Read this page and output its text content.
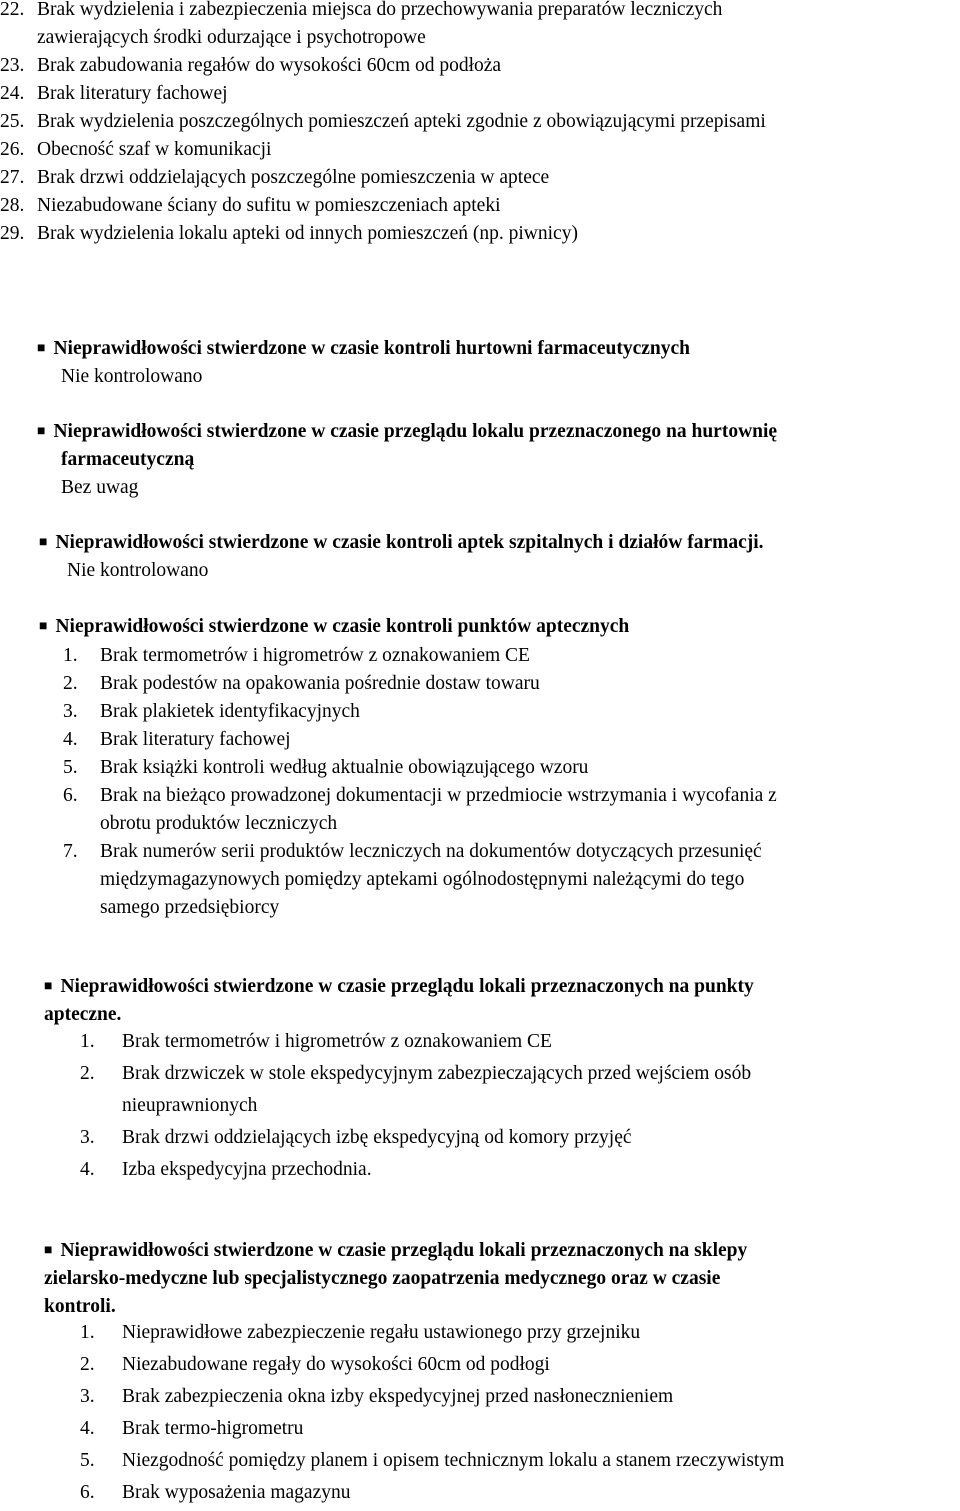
22. Brak wydzielenia i zabezpieczenia miejsca do przechowywania preparatów leczniczych
zawierających środki odurzające i psychotropowe
23. Brak zabudowania regałów do wysokości 60cm od podłoża
24. Brak literatury fachowej
25. Brak wydzielenia poszczególnych pomieszczeń apteki zgodnie z obowiązującymi przepisami
26. Obecność szaf w komunikacji
27. Brak drzwi oddzielających poszczególne pomieszczenia w aptece
28. Niezabudowane ściany do sufitu w pomieszczeniach apteki
29. Brak wydzielenia lokalu apteki od innych pomieszczeń (np. piwnicy)
■ Nieprawidłowości stwierdzone w czasie kontroli hurtowni farmaceutycznych
Nie kontrolowano
■ Nieprawidłowości stwierdzone w czasie przeglądu lokalu przeznaczonego na hurtownię
farmaceutyczną
Bez uwag
■ Nieprawidłowości stwierdzone w czasie kontroli aptek szpitalnych i działów farmacji.
Nie kontrolowano
■ Nieprawidłowości stwierdzone w czasie kontroli punktów aptecznych
1. Brak termometrów i higrometrów z oznakowaniem CE
2. Brak podestów na opakowania pośrednie dostaw towaru
3. Brak plakietek identyfikacyjnych
4. Brak literatury fachowej
5. Brak książki kontroli według aktualnie obowiązującego wzoru
6. Brak na bieżąco prowadzonej dokumentacji w przedmiocie wstrzymania i wycofania z
obrotu produktów leczniczych
7. Brak numerów serii produktów leczniczych na dokumentów dotyczących przesunięć
międzymagazynowych pomiędzy aptekami ogólnodostępnymi należącymi do tego
samego przedsiębiorcy
■ Nieprawidłowości stwierdzone w czasie przeglądu lokali przeznaczonych na punkty
apteczne.
1. Brak termometrów i higrometrów z oznakowaniem CE
2. Brak drzwiczek w stole ekspedycyjnym zabezpieczających przed wejściem osób
nieuprawnionych
3. Brak drzwi oddzielających izbę ekspedycyjną od komory przyjęć
4. Izba ekspedycyjna przechodnia.
■ Nieprawidłowości stwierdzone w czasie przeglądu lokali przeznaczonych na sklepy
zielarsko-medyczne lub specjalistycznego zaopatrzenia medycznego oraz w czasie
kontroli.
1. Nieprawidłowe zabezpieczenie regału ustawionego przy grzejniku
2. Niezabudowane regały do wysokości 60cm od podłogi
3. Brak zabezpieczenia okna izby ekspedycyjnej przed nasłonecznieniem
4. Brak termo-higrometru
5. Niezgodność pomiędzy planem i opisem technicznym lokalu a stanem rzeczywistym
6. Brak wyposażenia magazynu
